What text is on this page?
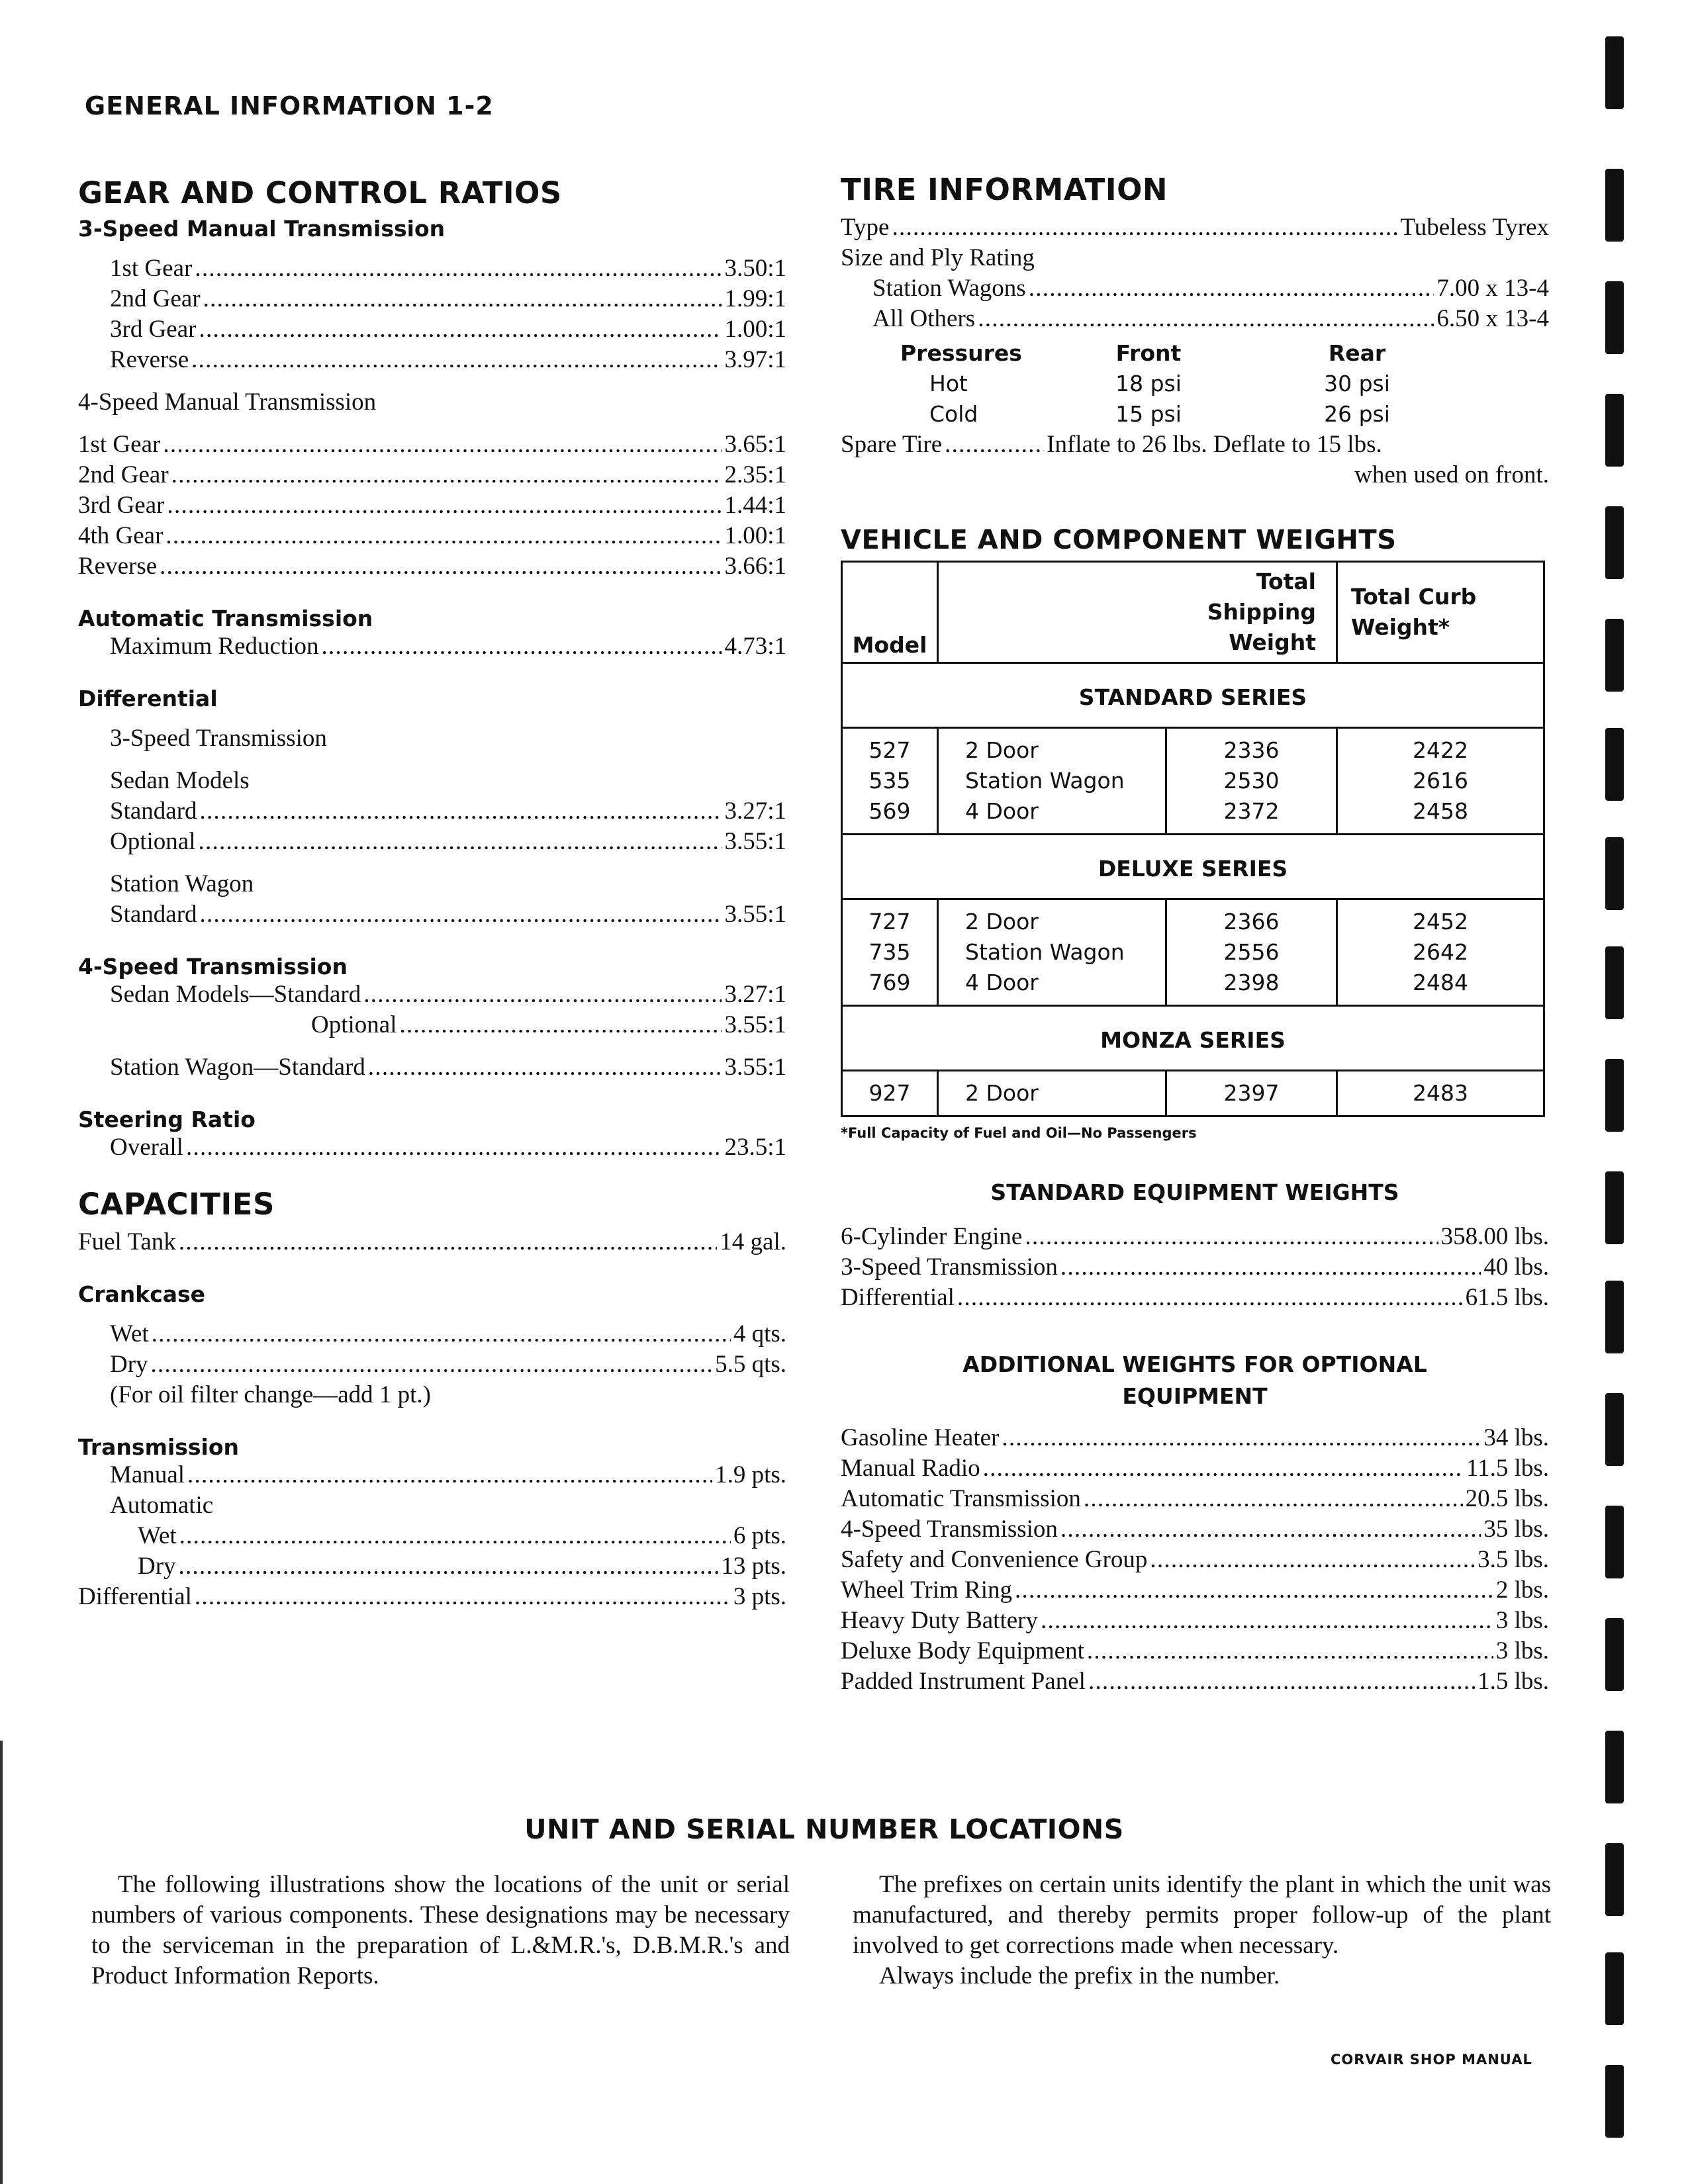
GENERAL INFORMATION 1-2
GEAR AND CONTROL RATIOS
3-Speed Manual Transmission
1st Gear . . .	3.50:1
2nd Gear . . .	1.99:1
3rd Gear . . .	1.00:1
Reverse . . .	3.97:1
4-Speed Manual Transmission
1st Gear . . .	3.65:1
2nd Gear . . .	2.35:1
3rd Gear . . .	1.44:1
4th Gear . . .	1.00:1
Reverse . . .	3.66:1
Automatic Transmission
Maximum Reduction . . .	4.73:1
Differential
3-Speed Transmission
Sedan Models
Standard . . .	3.27:1
Optional . . .	3.55:1
Station Wagon
Standard . . .	3.55:1
4-Speed Transmission
Sedan Models—Standard . . .	3.27:1
Optional . . .	3.55:1
Station Wagon—Standard . . .	3.55:1
Steering Ratio
Overall . . .	23.5:1
CAPACITIES
Fuel Tank . . .	14 gal.
Crankcase
Wet . . .	4 qts.
Dry . . .	5.5 qts.
(For oil filter change—add 1 pt.)
Transmission
Manual . . .	1.9 pts.
Automatic
Wet . . .	6 pts.
Dry . . .	13 pts.
Differential . . .	3 pts.
TIRE INFORMATION
Type . . .	Tubeless Tyrex
Size and Ply Rating
Station Wagons . . .	7.00 x 13-4
All Others . . .	6.50 x 13-4
Pressures	Front	Rear
Hot	18 psi	30 psi
Cold	15 psi	26 psi
Spare Tire . . .	Inflate to 26 lbs. Deflate to 15 lbs.
when used on front.
VEHICLE AND COMPONENT WEIGHTS
Model	Total Shipping Weight		Total Curb Weight*
STANDARD SERIES			
527	2 Door	2336	2422
535	Station Wagon	2530	2616
569	4 Door	2372	2458
DELUXE SERIES			
727	2 Door	2366	2452
735	Station Wagon	2556	2642
769	4 Door	2398	2484
MONZA SERIES			
927	2 Door	2397	2483
*Full Capacity of Fuel and Oil—No Passengers
STANDARD EQUIPMENT WEIGHTS
6-Cylinder Engine . . .	358.00 lbs.
3-Speed Transmission . . .	40 lbs.
Differential . . .	61.5 lbs.
ADDITIONAL WEIGHTS FOR OPTIONAL
EQUIPMENT
Gasoline Heater . . .	34 lbs.
Manual Radio . . .	11.5 lbs.
Automatic Transmission . . .	20.5 lbs.
4-Speed Transmission . . .	35 lbs.
Safety and Convenience Group . . .	3.5 lbs.
Wheel Trim Ring . . .	2 lbs.
Heavy Duty Battery . . .	3 lbs.
Deluxe Body Equipment . . .	3 lbs.
Padded Instrument Panel . . .	1.5 lbs.
UNIT AND SERIAL NUMBER LOCATIONS
The following illustrations show the locations of the unit or serial numbers of various components. These designations may be necessary to the serviceman in the preparation of L.&M.R.'s, D.B.M.R.'s and Product Information Reports.
The prefixes on certain units identify the plant in which the unit was manufactured, and thereby permits proper follow-up of the plant involved to get corrections made when necessary.
Always include the prefix in the number.
CORVAIR SHOP MANUAL
